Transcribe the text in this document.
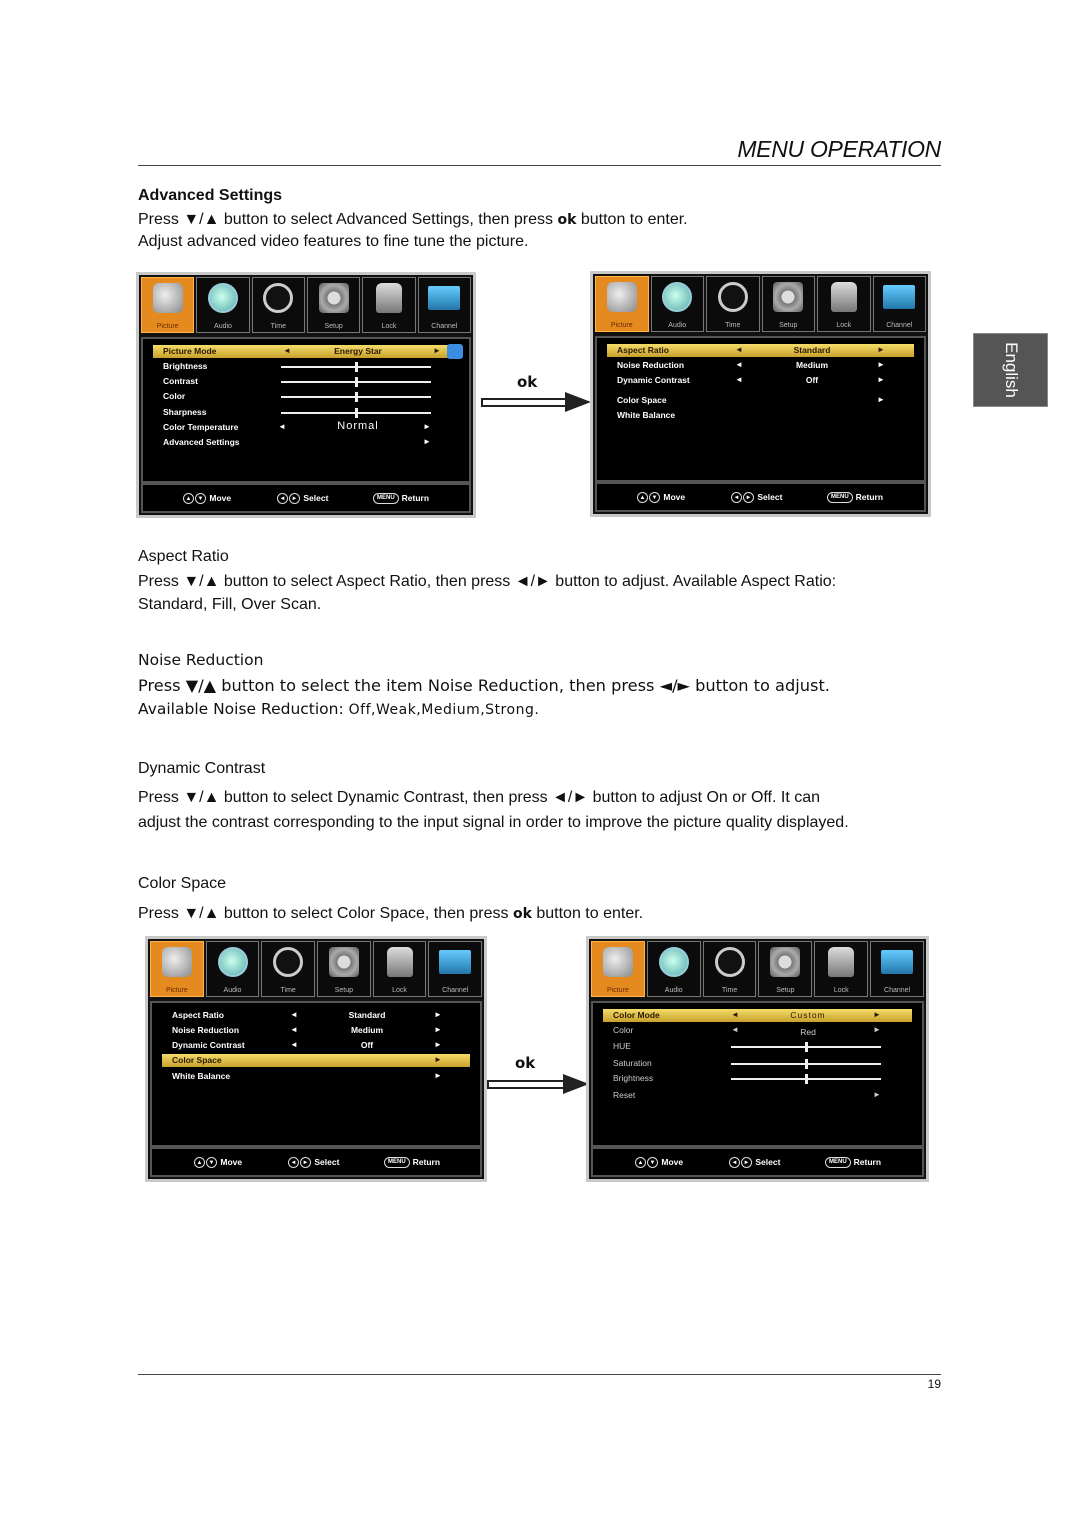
MENU OPERATION
English
Advanced Settings
Press ▼/▲ button to select Advanced Settings, then press ok button to enter.
Adjust advanced video features to fine tune the picture.
Picture	Audio	Time	Setup	Lock	Channel
Picture Mode	◄	Energy Star	►
Brightness
Contrast
Color
Sharpness
Color Temperature	◄	Normal	►
Advanced Settings	►
▲ ▼ Move	◄ ► Select	MENU Return
ok
Picture	Audio	Time	Setup	Lock	Channel
Aspect Ratio	◄	Standard	►
Noise Reduction	◄	Medium	►
Dynamic Contrast	◄	Off	►
Color Space	►
White Balance
▲ ▼ Move	◄ ► Select	MENU Return
Aspect Ratio
Press ▼/▲ button to select Aspect Ratio, then press ◄/► button to adjust. Available Aspect Ratio:
Standard, Fill, Over Scan.
Noise Reduction
Press ▼/▲ button to select the item Noise Reduction, then press ◄/► button to adjust.
Available Noise Reduction: Off,Weak,Medium,Strong.
Dynamic Contrast
Press ▼/▲ button to select Dynamic Contrast, then press ◄/► button to adjust On or Off. It can
adjust the contrast corresponding to the input signal in order to improve the picture quality displayed.
Color Space
Press ▼/▲ button to select Color Space, then press ok button to enter.
Picture	Audio	Time	Setup	Lock	Channel
Aspect Ratio	◄	Standard	►
Noise Reduction	◄	Medium	►
Dynamic Contrast	◄	Off	►
Color Space	►
White Balance	►
▲ ▼ Move	◄ ► Select	MENU Return
ok
Picture	Audio	Time	Setup	Lock	Channel
Color Mode	◄	Custom	►
Color	◄	Red	►
HUE
Saturation
Brightness
Reset	►
▲ ▼ Move	◄ ► Select	MENU Return
19
